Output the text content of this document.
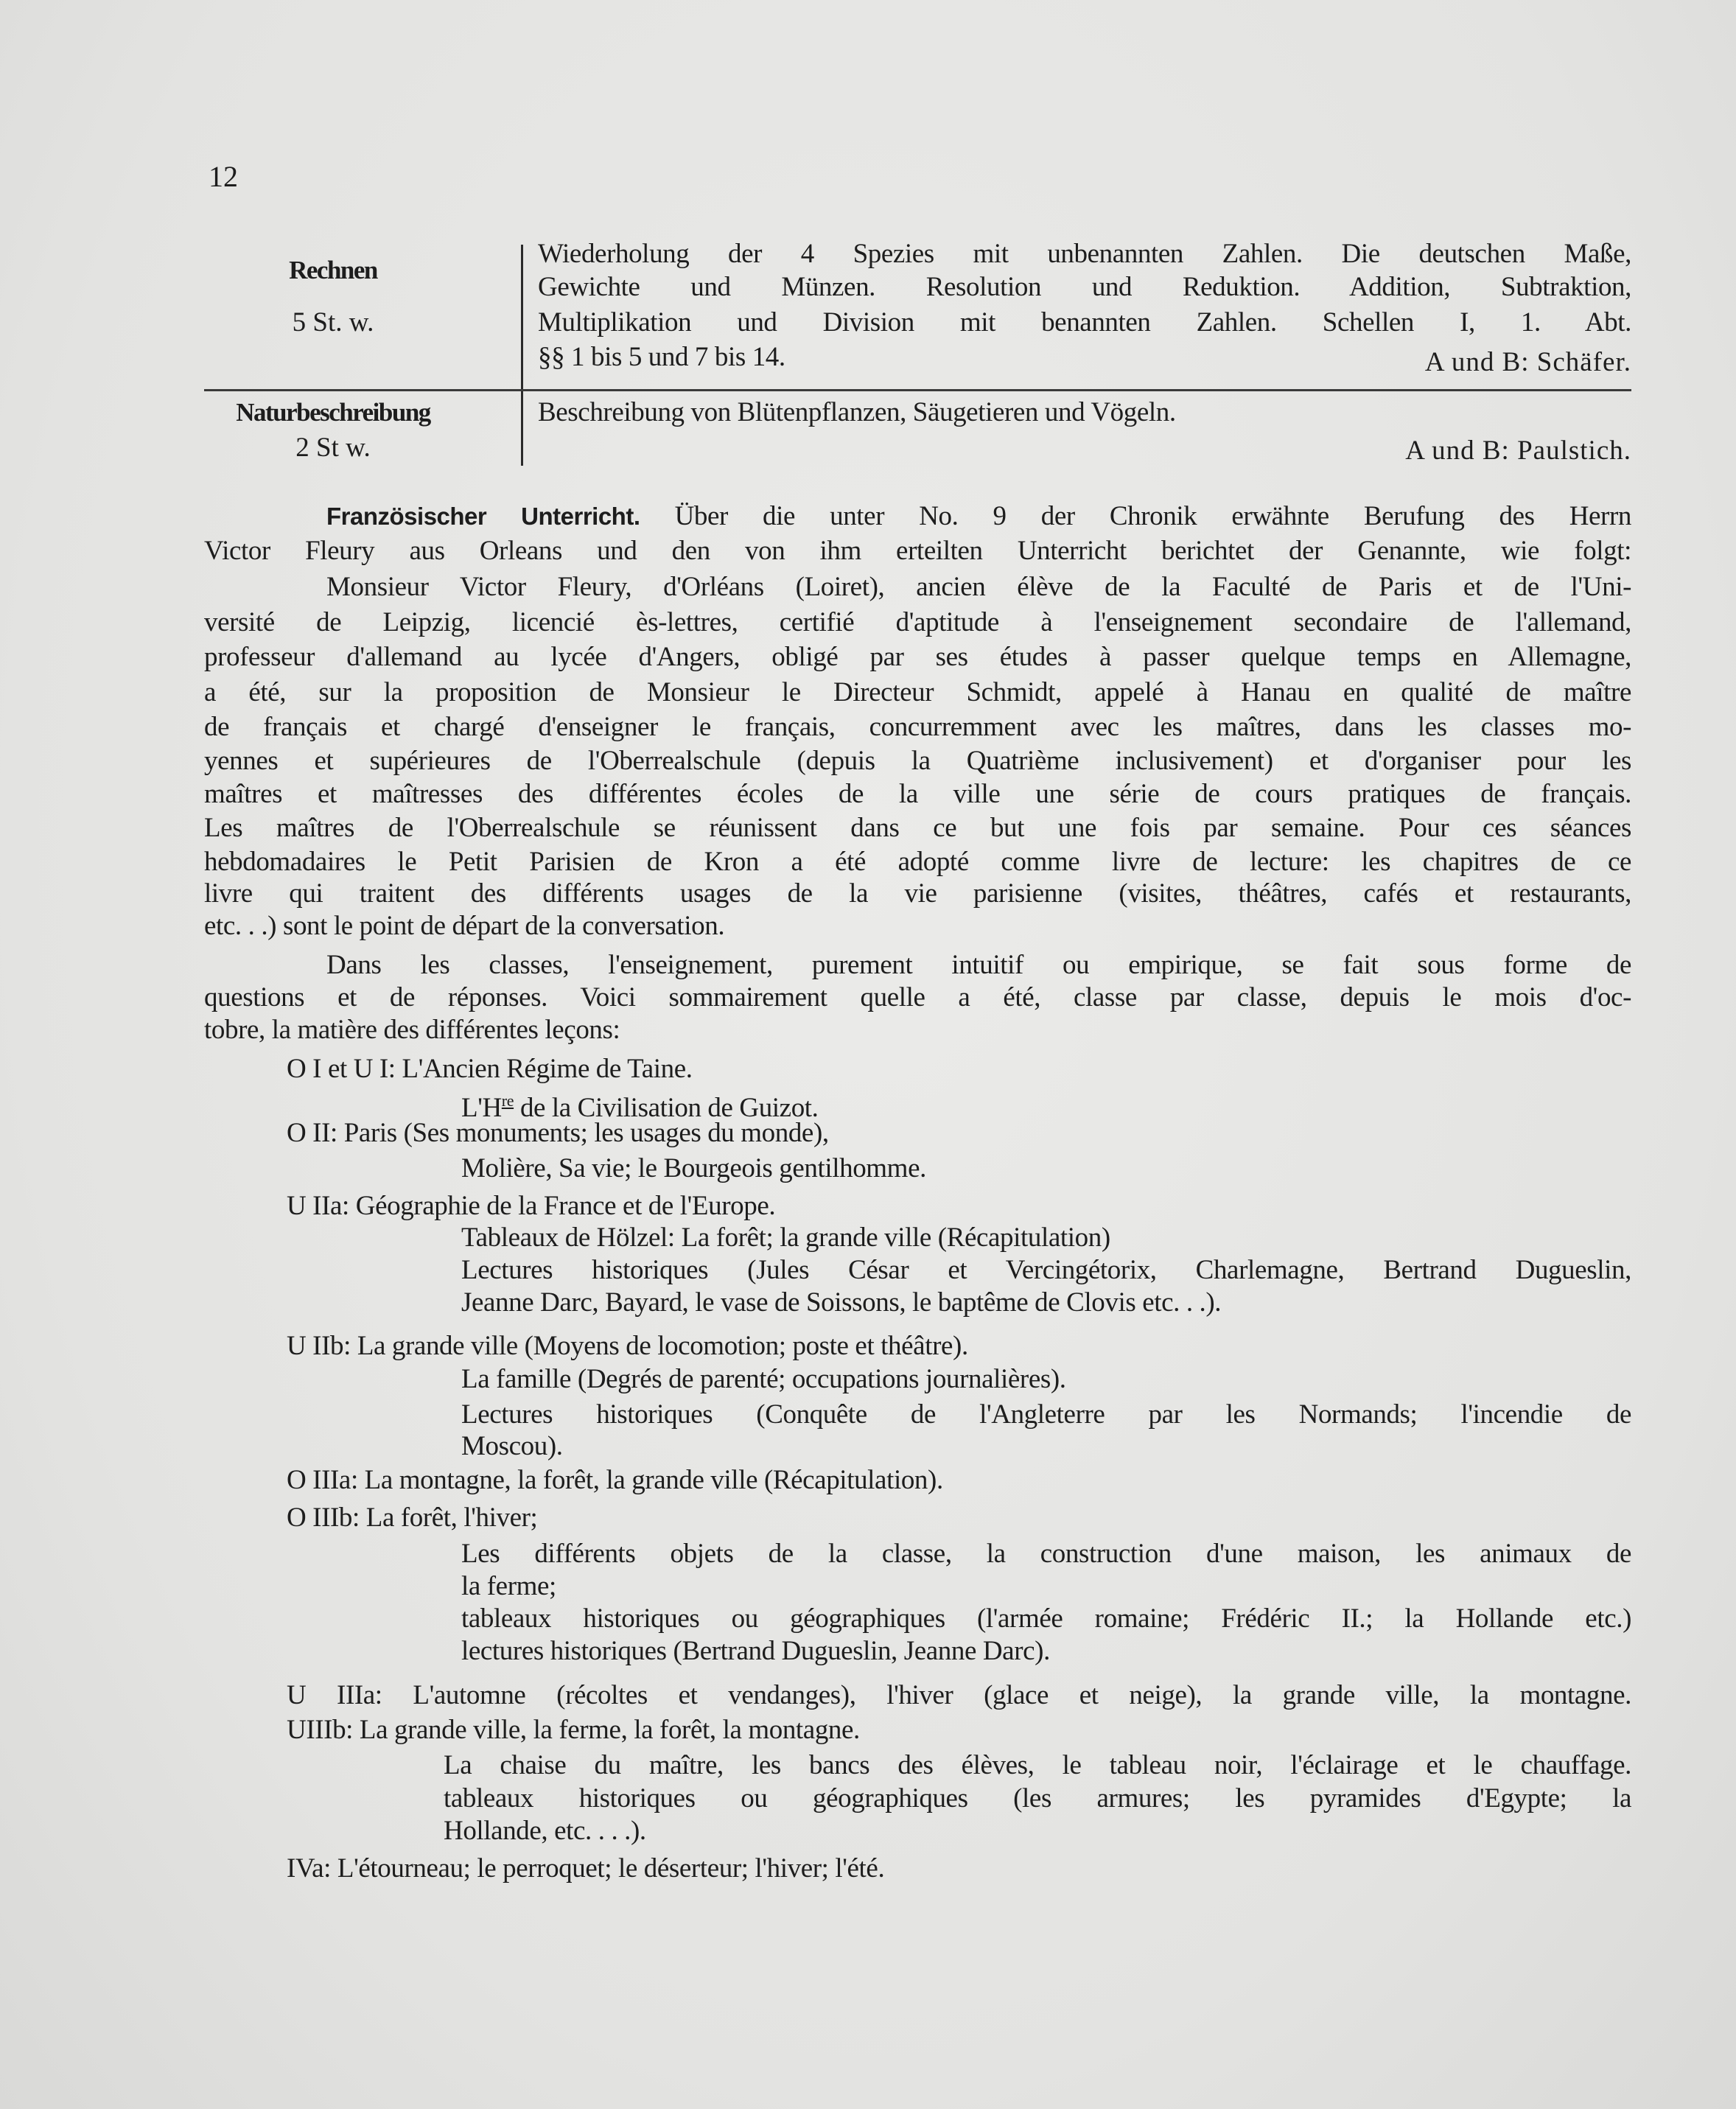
12
Rechnen
5 St. w.
Wiederholung der 4 Spezies mit unbenannten Zahlen. Die deutschen Maße,
Gewichte und Münzen. Resolution und Reduktion. Addition, Subtraktion,
Multiplikation und Division mit benannten Zahlen. Schellen I, 1. Abt.
§§ 1 bis 5 und 7 bis 14.	A und B: Schäfer.
Naturbeschreibung
2 St w.
Beschreibung von Blütenpflanzen, Säugetieren und Vögeln.
A und B: Paulstich.
Französischer Unterricht. Über die unter No. 9 der Chronik erwähnte Berufung des Herrn
Victor Fleury aus Orleans und den von ihm erteilten Unterricht berichtet der Genannte, wie folgt:
Monsieur Victor Fleury, d'Orléans (Loiret), ancien élève de la Faculté de Paris et de l'Uni-
versité de Leipzig, licencié ès-lettres, certifié d'aptitude à l'enseignement secondaire de l'allemand,
professeur d'allemand au lycée d'Angers, obligé par ses études à passer quelque temps en Allemagne,
a été, sur la proposition de Monsieur le Directeur Schmidt, appelé à Hanau en qualité de maître
de français et chargé d'enseigner le français, concurremment avec les maîtres, dans les classes mo-
yennes et supérieures de l'Oberrealschule (depuis la Quatrième inclusivement) et d'organiser pour les
maîtres et maîtresses des différentes écoles de la ville une série de cours pratiques de français.
Les maîtres de l'Oberrealschule se réunissent dans ce but une fois par semaine. Pour ces séances
hebdomadaires le Petit Parisien de Kron a été adopté comme livre de lecture: les chapitres de ce
livre qui traitent des différents usages de la vie parisienne (visites, théâtres, cafés et restaurants,
etc. . .) sont le point de départ de la conversation.
Dans les classes, l'enseignement, purement intuitif ou empirique, se fait sous forme de
questions et de réponses. Voici sommairement quelle a été, classe par classe, depuis le mois d'oc-
tobre, la matière des différentes leçons:
O I et U I: L'Ancien Régime de Taine.
$L'H^{re}$ de la Civilisation de Guizot.
O II: Paris (Ses monuments; les usages du monde),
Molière, Sa vie; le Bourgeois gentilhomme.
U IIa: Géographie de la France et de l'Europe.
Tableaux de Hölzel: La forêt; la grande ville (Récapitulation)
Lectures historiques (Jules César et Vercingétorix, Charlemagne, Bertrand Dugueslin,
Jeanne Darc, Bayard, le vase de Soissons, le baptême de Clovis etc. . .).
U IIb: La grande ville (Moyens de locomotion; poste et théâtre).
La famille (Degrés de parenté; occupations journalières).
Lectures historiques (Conquête de l'Angleterre par les Normands; l'incendie de
Moscou).
O IIIa: La montagne, la forêt, la grande ville (Récapitulation).
O IIIb: La forêt, l'hiver;
Les différents objets de la classe, la construction d'une maison, les animaux de
la ferme;
tableaux historiques ou géographiques (l'armée romaine; Frédéric II.; la Hollande etc.)
lectures historiques (Bertrand Dugueslin, Jeanne Darc).
U IIIa: L'automne (récoltes et vendanges), l'hiver (glace et neige), la grande ville, la montagne.
UIIIb: La grande ville, la ferme, la forêt, la montagne.
La chaise du maître, les bancs des élèves, le tableau noir, l'éclairage et le chauffage.
tableaux historiques ou géographiques (les armures; les pyramides d'Egypte; la
Hollande, etc. . . .).
IVa: L'étourneau; le perroquet; le déserteur; l'hiver; l'été.
